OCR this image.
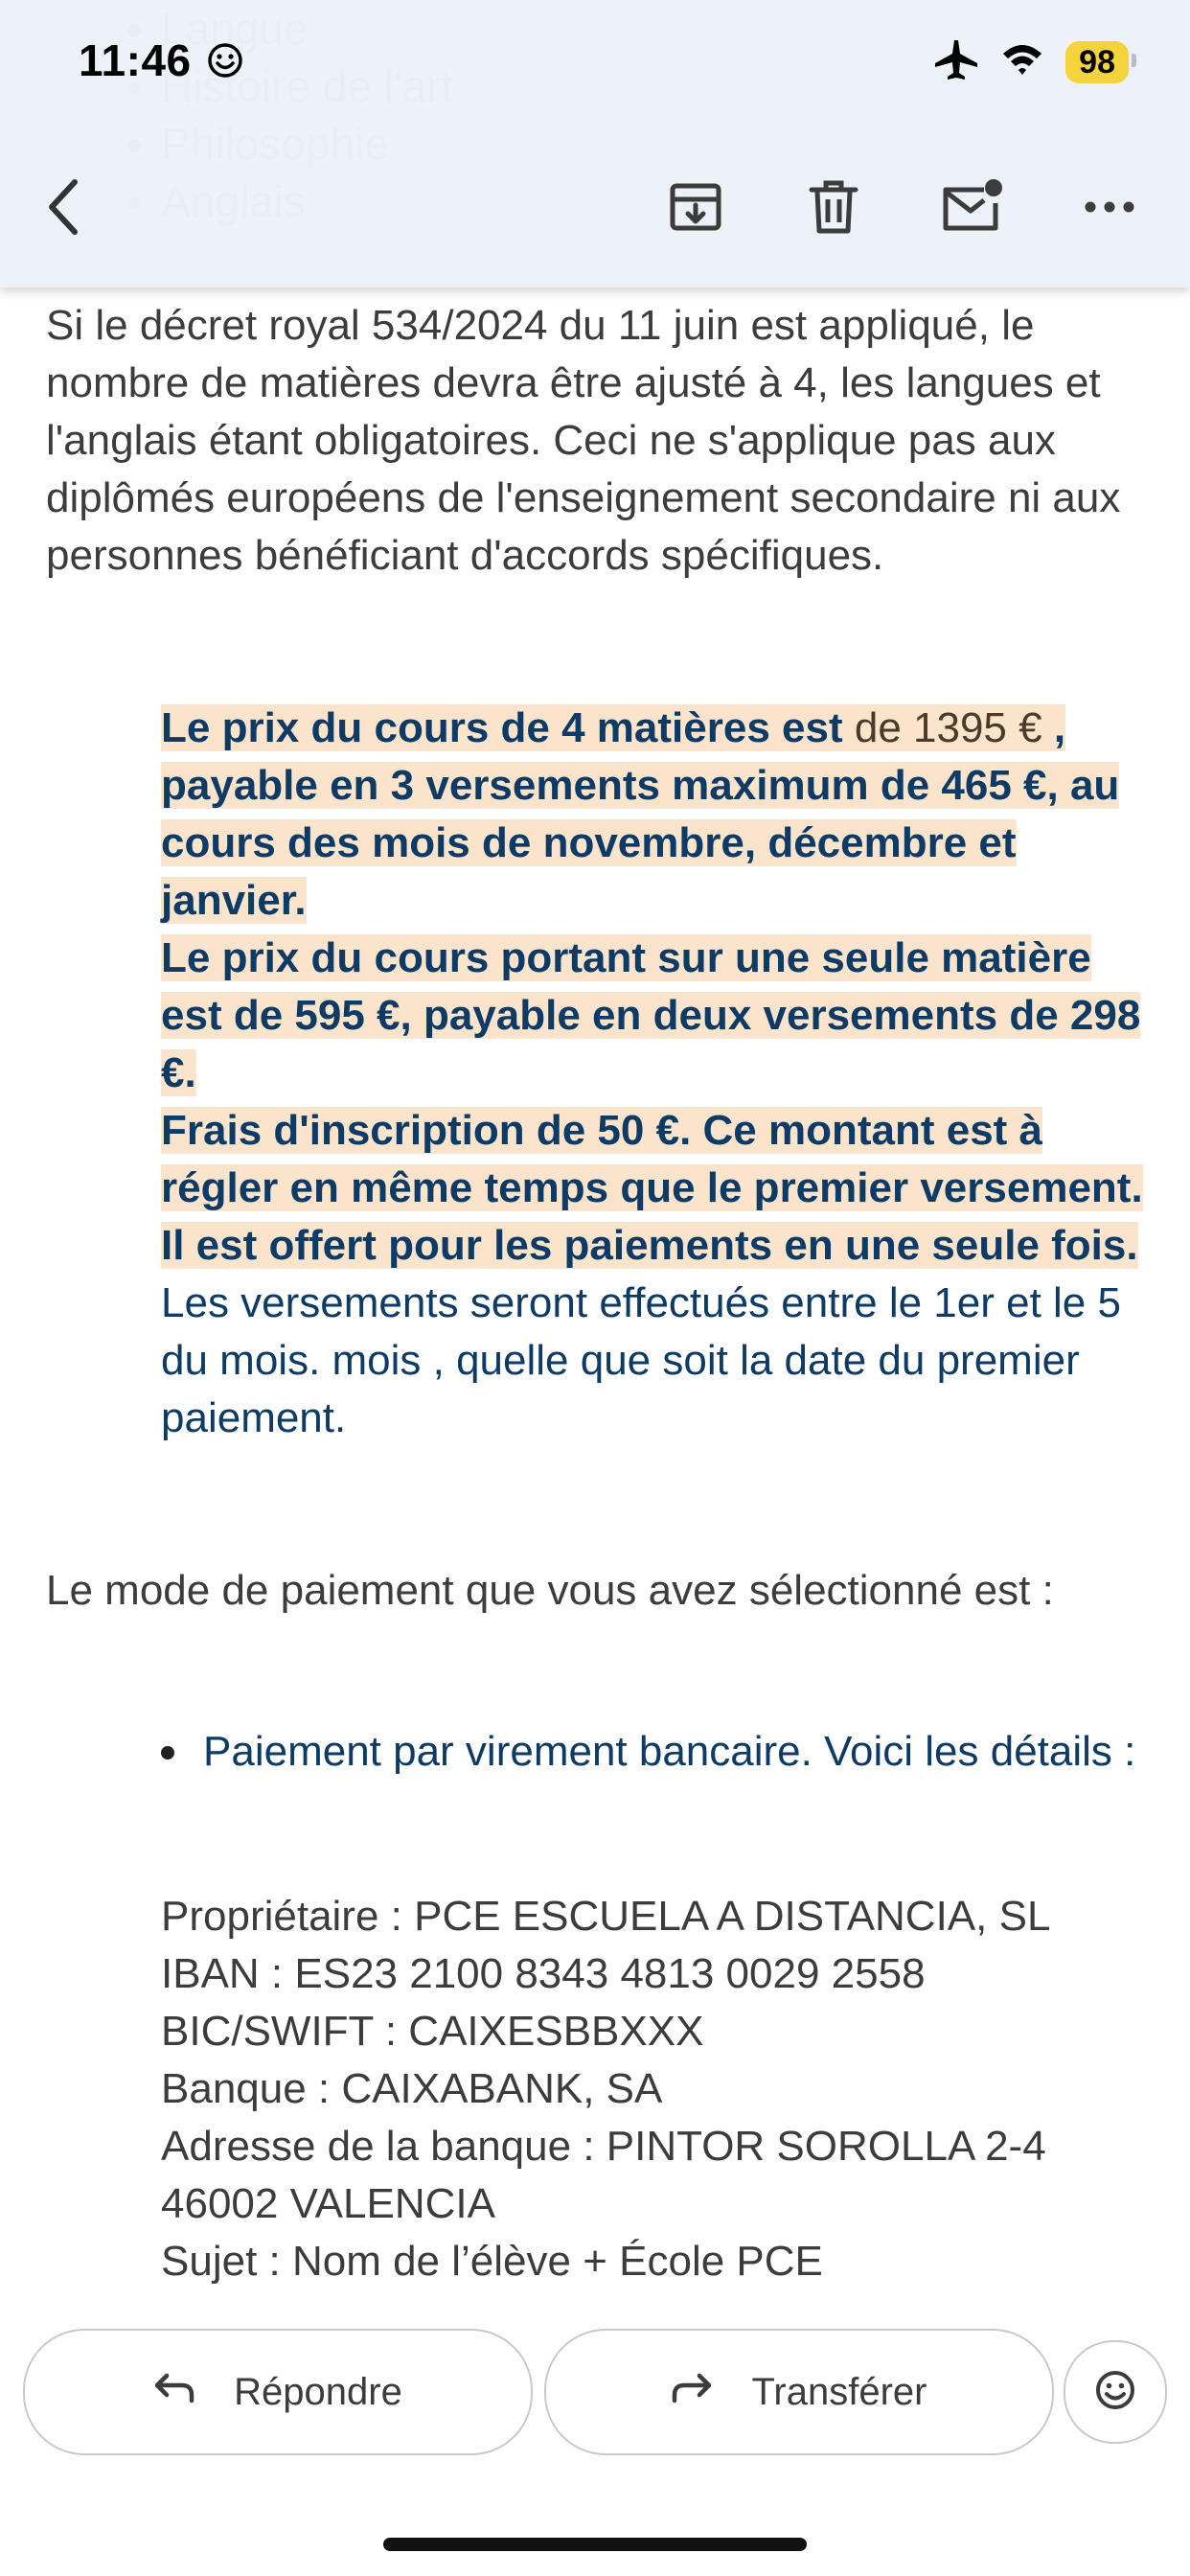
•
•
•
•
11:46	98

Si le décret royal 534/2024 du 11 juin est appliqué, le nombre de matières devra être ajusté à 4, les langues et l'anglais étant obligatoires. Ceci ne s'applique pas aux diplômés européens de l'enseignement secondaire ni aux personnes bénéficiant d'accords spécifiques.

Le prix du cours de 4 matières est de 1395 € , payable en 3 versements maximum de 465 €, au cours des mois de novembre, décembre et janvier.
Le prix du cours portant sur une seule matière est de 595 €, payable en deux versements de 298 €.
Frais d'inscription de 50 €. Ce montant est à régler en même temps que le premier versement. Il est offert pour les paiements en une seule fois.
Les versements seront effectués entre le 1er et le 5 du mois. mois , quelle que soit la date du premier paiement.

Le mode de paiement que vous avez sélectionné est :

Paiement par virement bancaire. Voici les détails :
Propriétaire : PCE ESCUELA A DISTANCIA, SL
IBAN : ES23 2100 8343 4813 0029 2558
BIC/SWIFT : CAIXESBBXXX
Banque : CAIXABANK, SA
Adresse de la banque : PINTOR SOROLLA 2-4
46002 VALENCIA
Sujet : Nom de l’élève + École PCE
Répondre	Transférer
